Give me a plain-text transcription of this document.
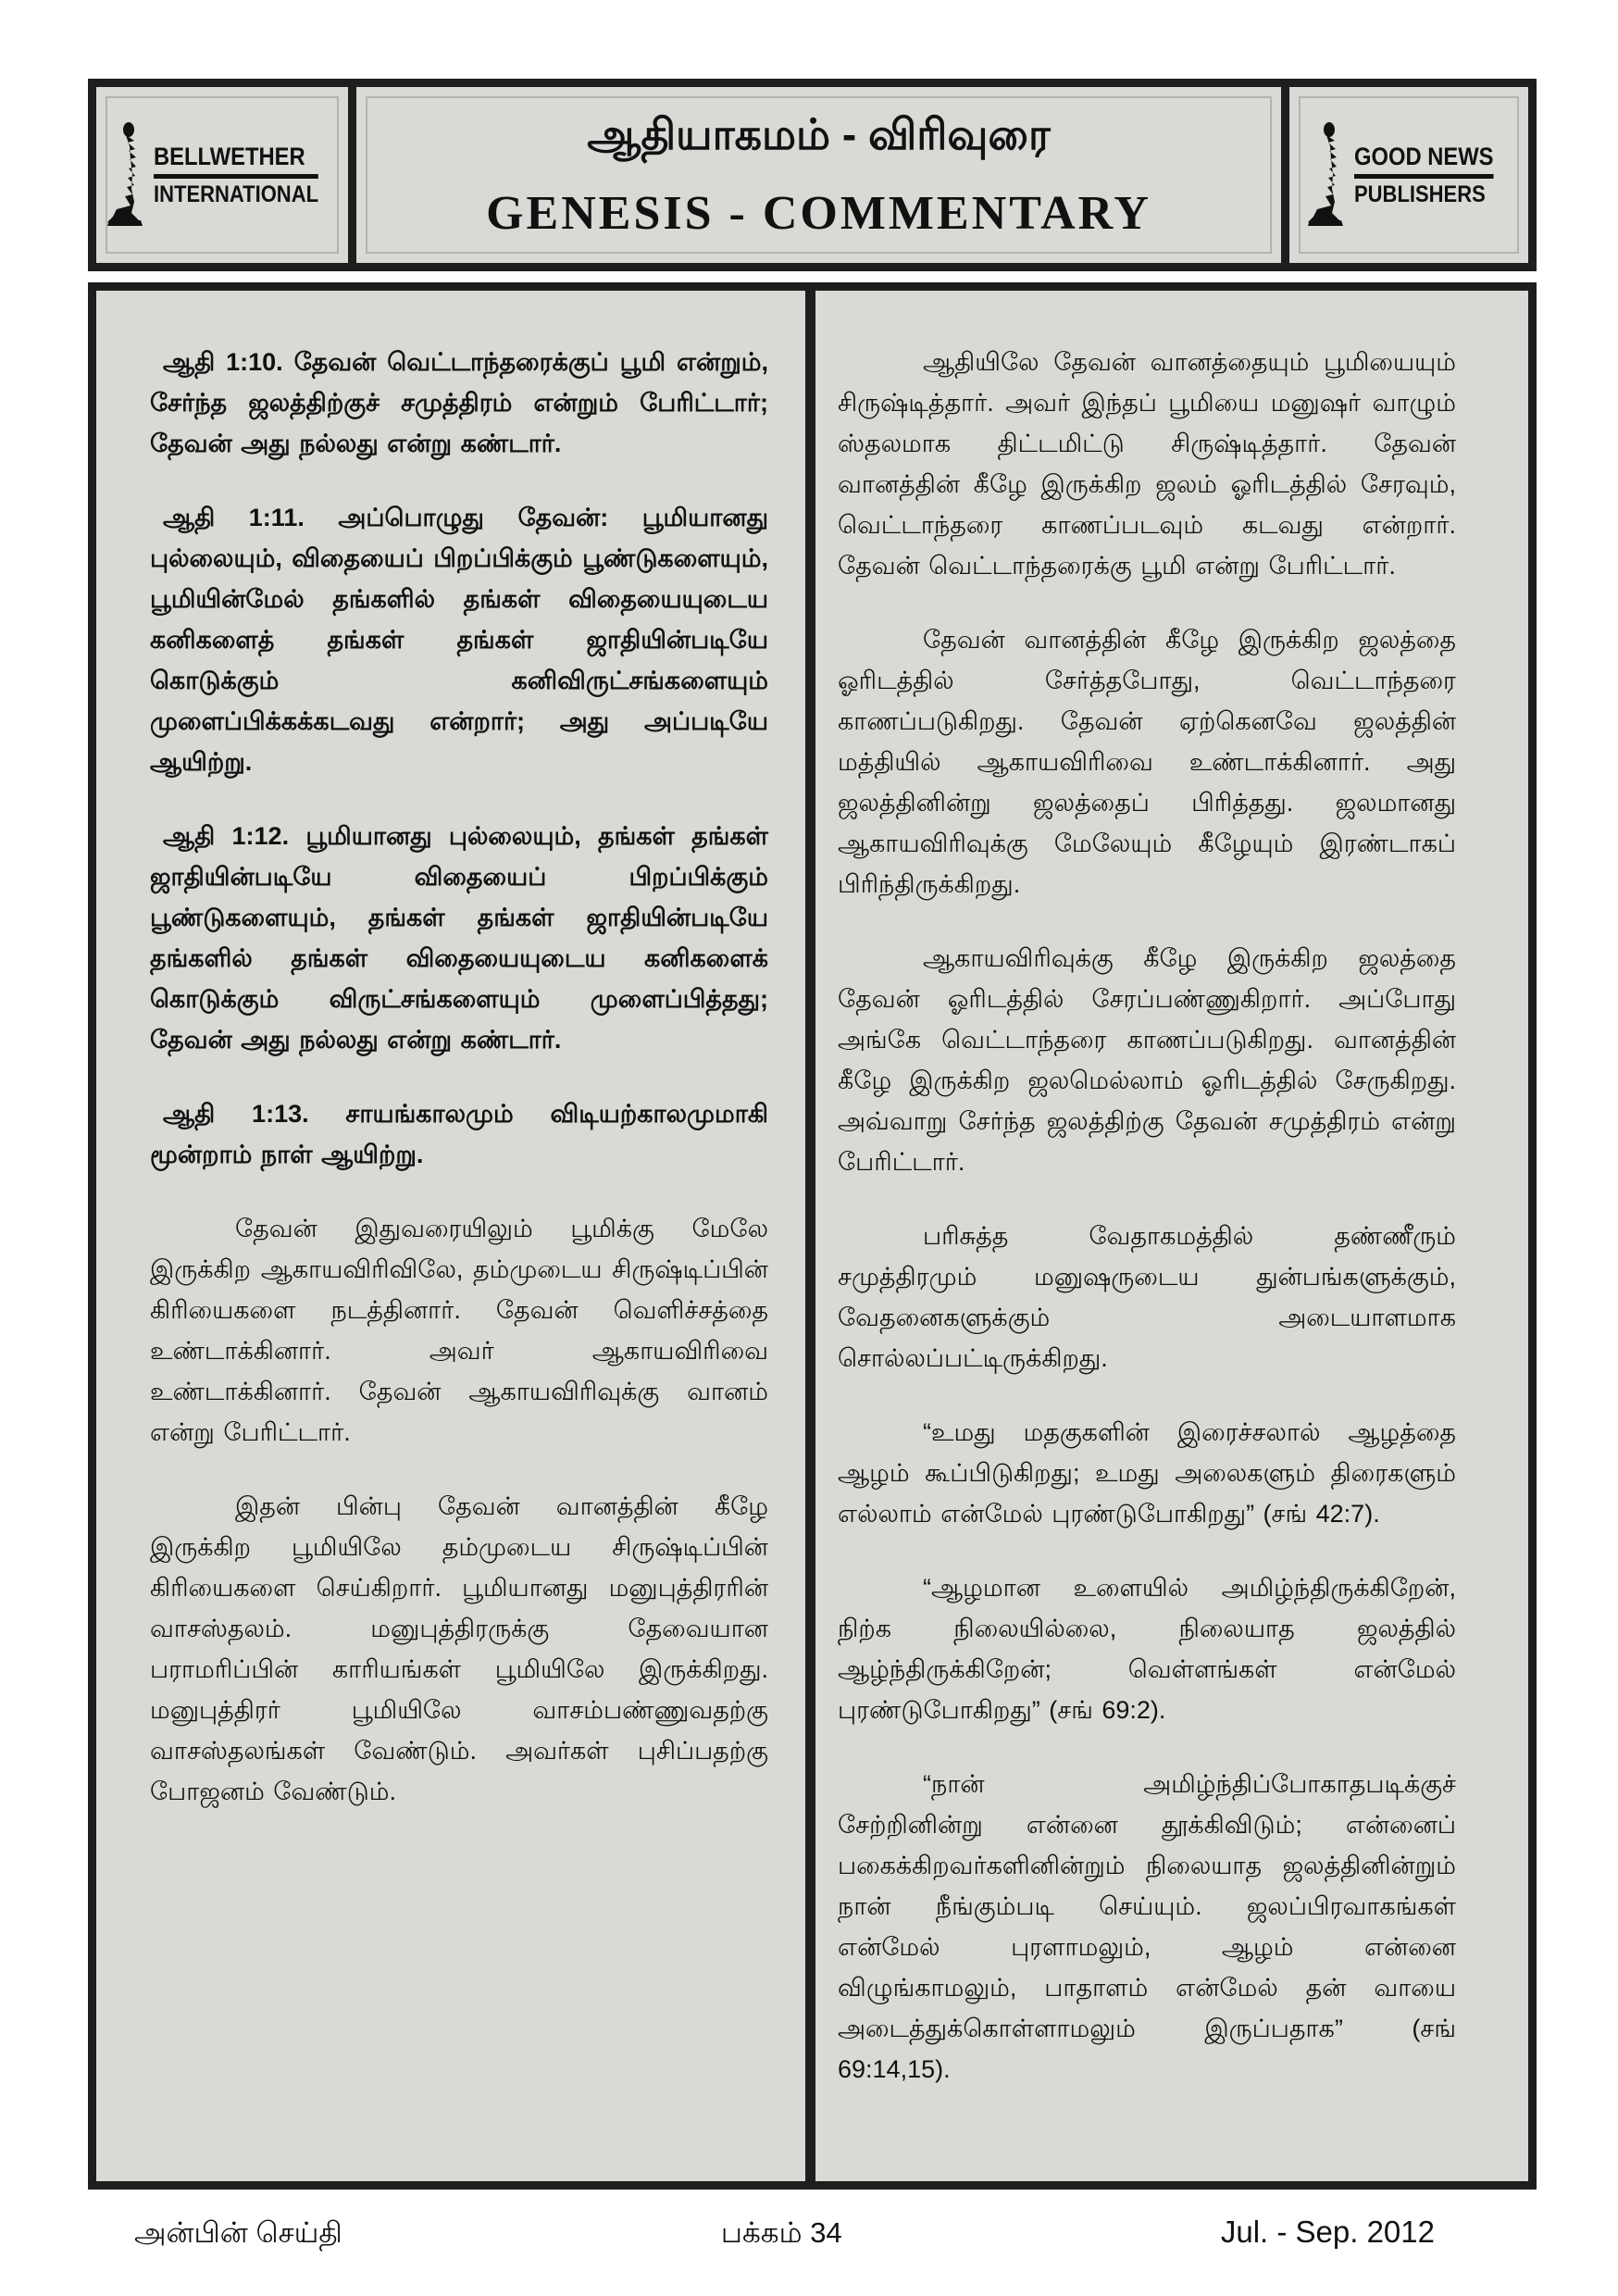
BELLWETHER
INTERNATIONAL
ஆதியாகமம் - விரிவுரை
GENESIS - COMMENTARY
GOOD NEWS
PUBLISHERS

ஆதி 1:10. தேவன் வெட்டாந்தரைக்குப் பூமி என்றும், சேர்ந்த ஜலத்திற்குச் சமுத்திரம் என்றும் பேரிட்டார்; தேவன் அது நல்லது என்று கண்டார்.

ஆதி 1:11. அப்பொழுது தேவன்: பூமியானது புல்லையும், விதையைப் பிறப்பிக்கும் பூண்டுகளையும், பூமியின்மேல் தங்களில் தங்கள் விதையையுடைய கனிகளைத் தங்கள் தங்கள் ஜாதியின்படியே கொடுக்கும் கனிவிருட்சங்களையும் முளைப்பிக்கக்கடவது என்றார்; அது அப்படியே ஆயிற்று.

ஆதி 1:12. பூமியானது புல்லையும், தங்கள் தங்கள் ஜாதியின்படியே விதையைப் பிறப்பிக்கும் பூண்டுகளையும், தங்கள் தங்கள் ஜாதியின்படியே தங்களில் தங்கள் விதையையுடைய கனிகளைக் கொடுக்கும் விருட்சங்களையும் முளைப்பித்தது; தேவன் அது நல்லது என்று கண்டார்.

ஆதி 1:13. சாயங்காலமும் விடியற்காலமுமாகி மூன்றாம் நாள் ஆயிற்று.

தேவன் இதுவரையிலும் பூமிக்கு மேலே இருக்கிற ஆகாயவிரிவிலே, தம்முடைய சிருஷ்டிப்பின் கிரியைகளை நடத்தினார். தேவன் வெளிச்சத்தை உண்டாக்கினார். அவர் ஆகாயவிரிவை உண்டாக்கினார். தேவன் ஆகாயவிரிவுக்கு வானம் என்று பேரிட்டார்.

இதன் பின்பு தேவன் வானத்தின் கீழே இருக்கிற பூமியிலே தம்முடைய சிருஷ்டிப்பின் கிரியைகளை செய்கிறார். பூமியானது மனுபுத்திரரின் வாசஸ்தலம். மனுபுத்திரருக்கு தேவையான பராமரிப்பின் காரியங்கள் பூமியிலே இருக்கிறது. மனுபுத்திரர் பூமியிலே வாசம்பண்ணுவதற்கு வாசஸ்தலங்கள் வேண்டும். அவர்கள் புசிப்பதற்கு போஜனம் வேண்டும்.

ஆதியிலே தேவன் வானத்தையும் பூமியையும் சிருஷ்டித்தார். அவர் இந்தப் பூமியை மனுஷர் வாழும் ஸ்தலமாக திட்டமிட்டு சிருஷ்டித்தார். தேவன் வானத்தின் கீழே இருக்கிற ஜலம் ஓரிடத்தில் சேரவும், வெட்டாந்தரை காணப்படவும் கடவது என்றார். தேவன் வெட்டாந்தரைக்கு பூமி என்று பேரிட்டார்.

தேவன் வானத்தின் கீழே இருக்கிற ஜலத்தை ஓரிடத்தில் சேர்த்தபோது, வெட்டாந்தரை காணப்படுகிறது. தேவன் ஏற்கெனவே ஜலத்தின் மத்தியில் ஆகாயவிரிவை உண்டாக்கினார். அது ஜலத்தினின்று ஜலத்தைப் பிரித்தது. ஜலமானது ஆகாயவிரிவுக்கு மேலேயும் கீழேயும் இரண்டாகப் பிரிந்திருக்கிறது.

ஆகாயவிரிவுக்கு கீழே இருக்கிற ஜலத்தை தேவன் ஓரிடத்தில் சேரப்பண்ணுகிறார். அப்போது அங்கே வெட்டாந்தரை காணப்படுகிறது. வானத்தின் கீழே இருக்கிற ஜலமெல்லாம் ஓரிடத்தில் சேருகிறது. அவ்வாறு சேர்ந்த ஜலத்திற்கு தேவன் சமுத்திரம் என்று பேரிட்டார்.

பரிசுத்த வேதாகமத்தில் தண்ணீரும் சமுத்திரமும் மனுஷருடைய துன்பங்களுக்கும், வேதனைகளுக்கும் அடையாளமாக சொல்லப்பட்டிருக்கிறது.

“உமது மதகுகளின் இரைச்சலால் ஆழத்தை ஆழம் கூப்பிடுகிறது; உமது அலைகளும் திரைகளும் எல்லாம் என்மேல் புரண்டுபோகிறது” (சங் 42:7).

“ஆழமான உளையில் அமிழ்ந்திருக்கிறேன், நிற்க நிலையில்லை, நிலையாத ஜலத்தில் ஆழ்ந்திருக்கிறேன்; வெள்ளங்கள் என்மேல் புரண்டுபோகிறது” (சங் 69:2).

“நான் அமிழ்ந்திப்போகாதபடிக்குச் சேற்றினின்று என்னை தூக்கிவிடும்; என்னைப் பகைக்கிறவர்களினின்றும் நிலையாத ஜலத்தினின்றும் நான் நீங்கும்படி செய்யும். ஜலப்பிரவாகங்கள் என்மேல் புரளாமலும், ஆழம் என்னை விழுங்காமலும், பாதாளம் என்மேல் தன் வாயை அடைத்துக்கொள்ளாமலும் இருப்பதாக” (சங் 69:14,15).

அன்பின் செய்தி	பக்கம் 34	Jul. - Sep. 2012
